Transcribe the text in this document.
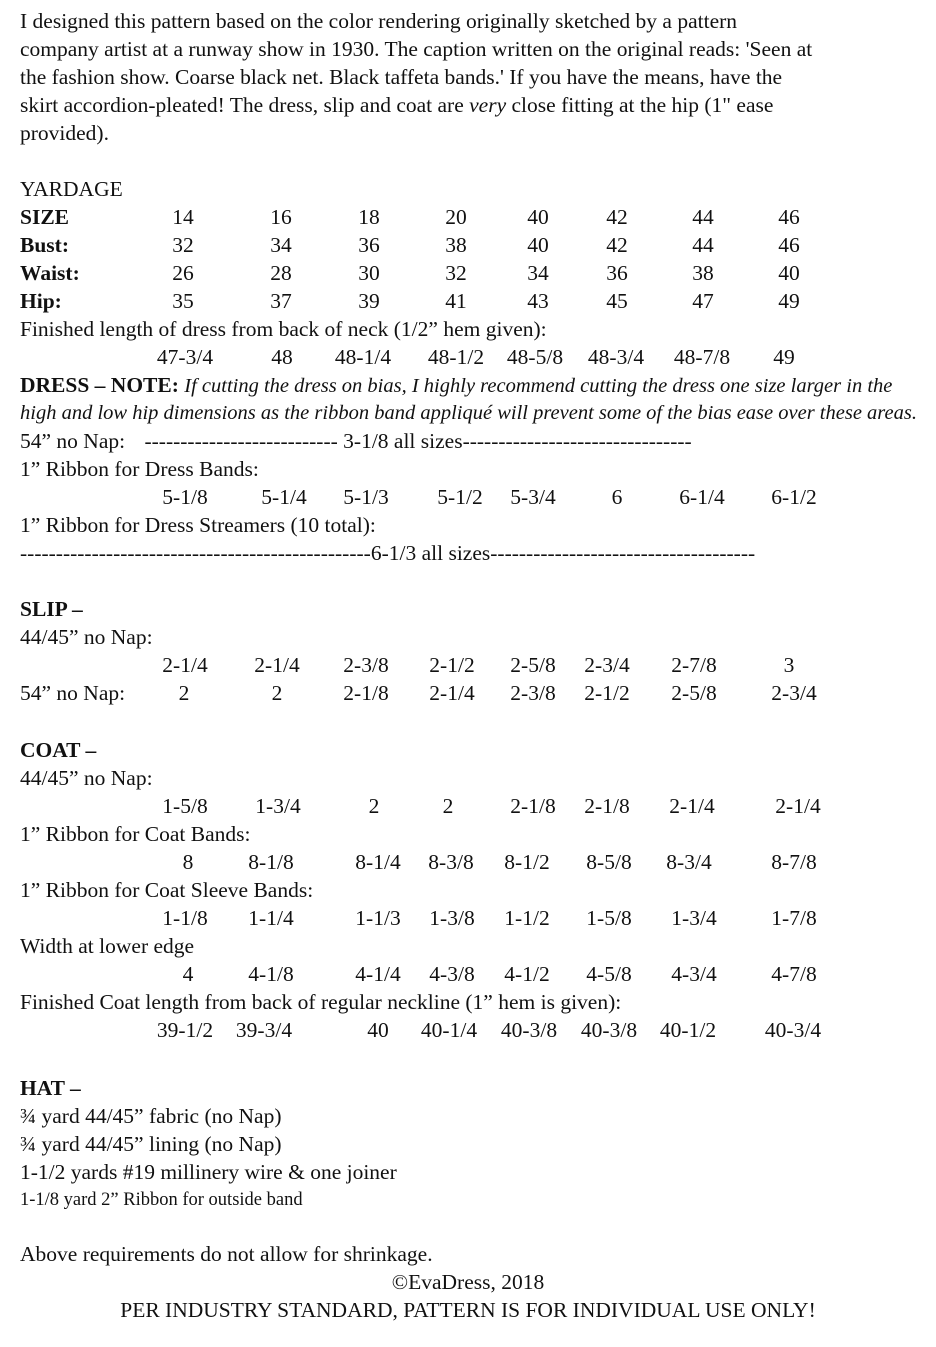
I designed this pattern based on the color rendering originally sketched by a pattern
company artist at a runway show in 1930. The caption written on the original reads: 'Seen at
the fashion show. Coarse black net. Black taffeta bands.' If you have the means, have the
skirt accordion-pleated! The dress, slip and coat are very close fitting at the hip (1" ease
provided).
YARDAGE
SIZE	14	16	18	20	40	42	44	46
Bust:	32	34	36	38	40	42	44	46
Waist:	26	28	30	32	34	36	38	40
Hip:	35	37	39	41	43	45	47	49
Finished length of dress from back of neck (1/2” hem given):
47-3/4	48 48-1/4 48-1/2 48-5/8 48-3/4 48-7/8 49
DRESS – NOTE: If cutting the dress on bias, I highly recommend cutting the dress one size larger in the
high and low hip dimensions as the ribbon band appliqué will prevent some of the bias ease over these areas.
54” no Nap: --------------------------- 3-1/8 all sizes--------------------------------
1” Ribbon for Dress Bands:
5-1/8 5-1/4 5-1/3 5-1/2 5-3/4	6	6-1/4 6-1/2
1” Ribbon for Dress Streamers (10 total):
-------------------------------------------------6-1/3 all sizes-------------------------------------
SLIP –
44/45” no Nap:
2-1/4 2-1/4 2-3/8 2-1/2 2-5/8 2-3/4 2-7/8	3
54” no Nap: 2	2	2-1/8 2-1/4 2-3/8 2-1/2 2-5/8	2-3/4
COAT –
44/45” no Nap:
1-5/8 1-3/4	2	2	2-1/8 2-1/8 2-1/4	2-1/4
1” Ribbon for Coat Bands:
8	8-1/8	8-1/4 8-3/8 8-1/2 8-5/8 8-3/4	8-7/8
1” Ribbon for Coat Sleeve Bands:
1-1/8 1-1/4	1-1/3 1-3/8 1-1/2 1-5/8 1-3/4	1-7/8
Width at lower edge
4	4-1/8	4-1/4 4-3/8 4-1/2 4-5/8 4-3/4	4-7/8
Finished Coat length from back of regular neckline (1” hem is given):
39-1/2 39-3/4	40 40-1/4 40-3/8 40-3/8 40-1/2 40-3/4
HAT –
¾ yard 44/45” fabric (no Nap)
¾ yard 44/45” lining (no Nap)
1-1/2 yards #19 millinery wire & one joiner
1-1/8 yard 2” Ribbon for outside band
Above requirements do not allow for shrinkage.
©EvaDress, 2018
PER INDUSTRY STANDARD, PATTERN IS FOR INDIVIDUAL USE ONLY!
